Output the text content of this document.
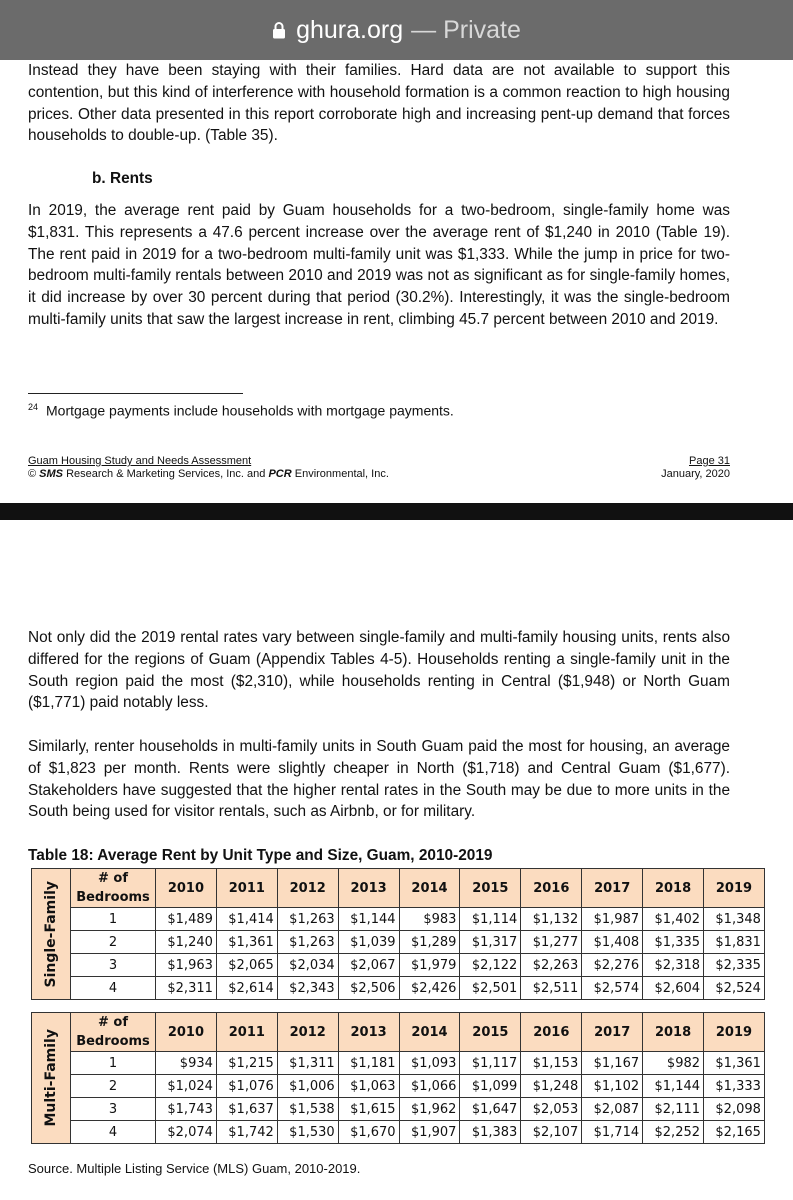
ghura.org — Private

Instead they have been staying with their families. Hard data are not available to support this contention, but this kind of interference with household formation is a common reaction to high housing prices. Other data presented in this report corroborate high and increasing pent-up demand that forces households to double-up. (Table 35).

b. Rents

In 2019, the average rent paid by Guam households for a two-bedroom, single-family home was $1,831. This represents a 47.6 percent increase over the average rent of $1,240 in 2010 (Table 19). The rent paid in 2019 for a two-bedroom multi-family unit was $1,333. While the jump in price for two-bedroom multi-family rentals between 2010 and 2019 was not as significant as for single-family homes, it did increase by over 30 percent during that period (30.2%). Interestingly, it was the single-bedroom multi-family units that saw the largest increase in rent, climbing 45.7 percent between 2010 and 2019.

$^{24}$ Mortgage payments include households with mortgage payments.
Guam Housing Study and Needs Assessment
© SMS Research & Marketing Services, Inc. and PCR Environmental, Inc.
Page 31
January, 2020

Not only did the 2019 rental rates vary between single-family and multi-family housing units, rents also differed for the regions of Guam (Appendix Tables 4-5). Households renting a single-family unit in the South region paid the most ($2,310), while households renting in Central ($1,948) or North Guam ($1,771) paid notably less.

Similarly, renter households in multi-family units in South Guam paid the most for housing, an average of $1,823 per month. Rents were slightly cheaper in North ($1,718) and Central Guam ($1,677). Stakeholders have suggested that the higher rental rates in the South may be due to more units in the South being used for visitor rentals, such as Airbnb, or for military.

Table 18: Average Rent by Unit Type and Size, Guam, 2010-2019
Single-Family	# of
Bedrooms	2010	2011	2012	2013	2014	2015	2016	2017	2018	2019
	1	$1,489	$1,414	$1,263	$1,144	$983	$1,114	$1,132	$1,987	$1,402	$1,348
	2	$1,240	$1,361	$1,263	$1,039	$1,289	$1,317	$1,277	$1,408	$1,335	$1,831
	3	$1,963	$2,065	$2,034	$2,067	$1,979	$2,122	$2,263	$2,276	$2,318	$2,335
	4	$2,311	$2,614	$2,343	$2,506	$2,426	$2,501	$2,511	$2,574	$2,604	$2,524
Multi-Family	# of
Bedrooms	2010	2011	2012	2013	2014	2015	2016	2017	2018	2019
	1	$934	$1,215	$1,311	$1,181	$1,093	$1,117	$1,153	$1,167	$982	$1,361
	2	$1,024	$1,076	$1,006	$1,063	$1,066	$1,099	$1,248	$1,102	$1,144	$1,333
	3	$1,743	$1,637	$1,538	$1,615	$1,962	$1,647	$2,053	$2,087	$2,111	$2,098
	4	$2,074	$1,742	$1,530	$1,670	$1,907	$1,383	$2,107	$1,714	$2,252	$2,165
Source. Multiple Listing Service (MLS) Guam, 2010-2019.
